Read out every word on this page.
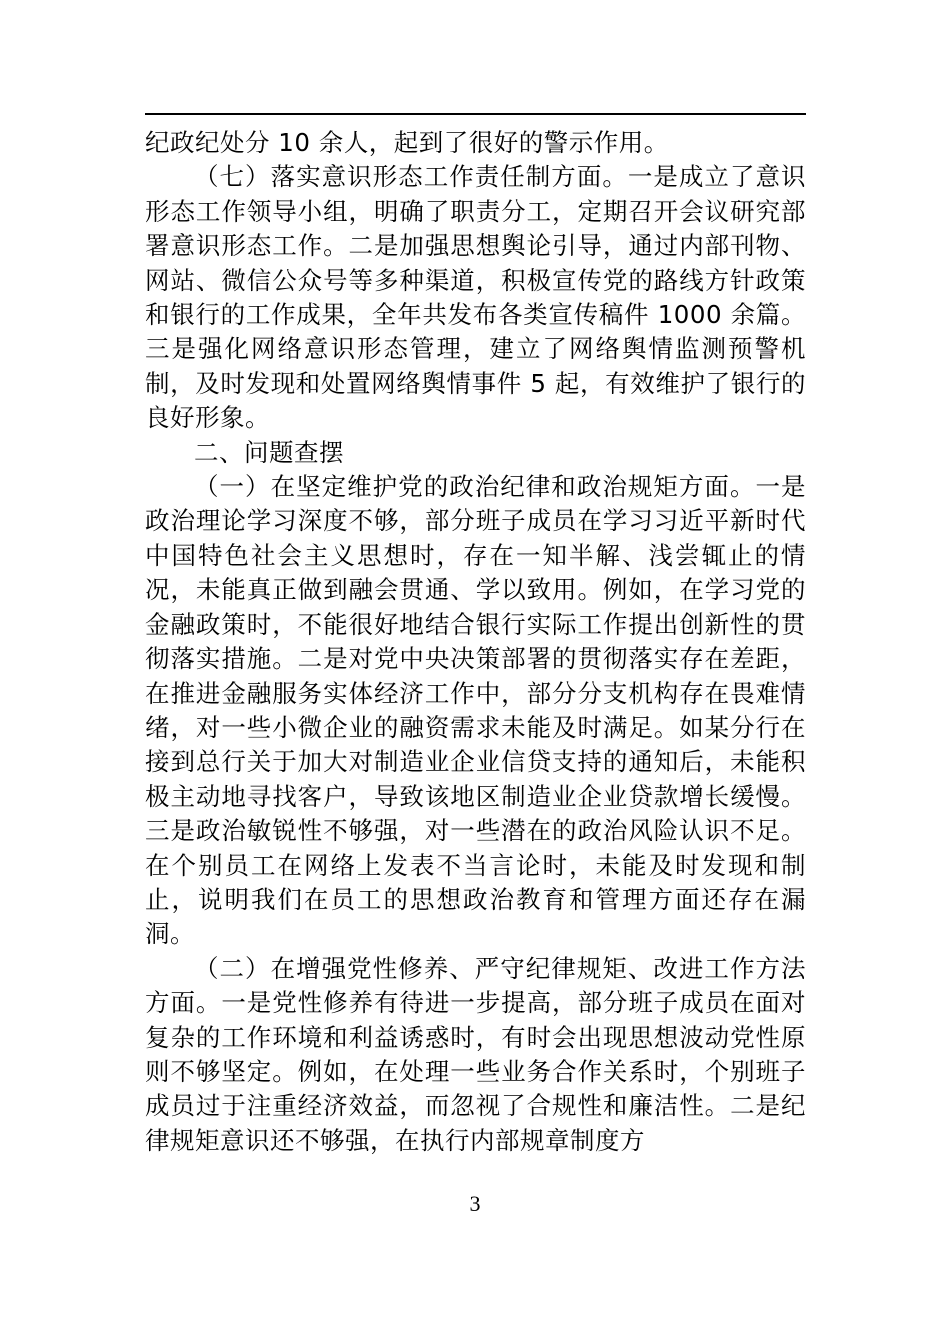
纪政纪处分 10 余人，起到了很好的警示作用。

（七）落实意识形态工作责任制方面。一是成立了意识形态工作领导小组，明确了职责分工，定期召开会议研究部署意识形态工作。二是加强思想舆论引导，通过内部刊物、网站、微信公众号等多种渠道，积极宣传党的路线方针政策和银行的工作成果，全年共发布各类宣传稿件 1000 余篇。三是强化网络意识形态管理，建立了网络舆情监测预警机制，及时发现和处置网络舆情事件 5 起，有效维护了银行的良好形象。

二、问题查摆

（一）在坚定维护党的政治纪律和政治规矩方面。一是政治理论学习深度不够，部分班子成员在学习习近平新时代中国特色社会主义思想时，存在一知半解、浅尝辄止的情况，未能真正做到融会贯通、学以致用。例如，在学习党的金融政策时，不能很好地结合银行实际工作提出创新性的贯彻落实措施。二是对党中央决策部署的贯彻落实存在差距，在推进金融服务实体经济工作中，部分分支机构存在畏难情绪，对一些小微企业的融资需求未能及时满足。如某分行在接到总行关于加大对制造业企业信贷支持的通知后，未能积极主动地寻找客户，导致该地区制造业企业贷款增长缓慢。三是政治敏锐性不够强，对一些潜在的政治风险认识不足。在个别员工在网络上发表不当言论时，未能及时发现和制止，说明我们在员工的思想政治教育和管理方面还存在漏洞。

（二）在增强党性修养、严守纪律规矩、改进工作方法方面。一是党性修养有待进一步提高，部分班子成员在面对复杂的工作环境和利益诱惑时，有时会出现思想波动党性原则不够坚定。例如，在处理一些业务合作关系时，个别班子成员过于注重经济效益，而忽视了合规性和廉洁性。二是纪律规矩意识还不够强，在执行内部规章制度方

3
